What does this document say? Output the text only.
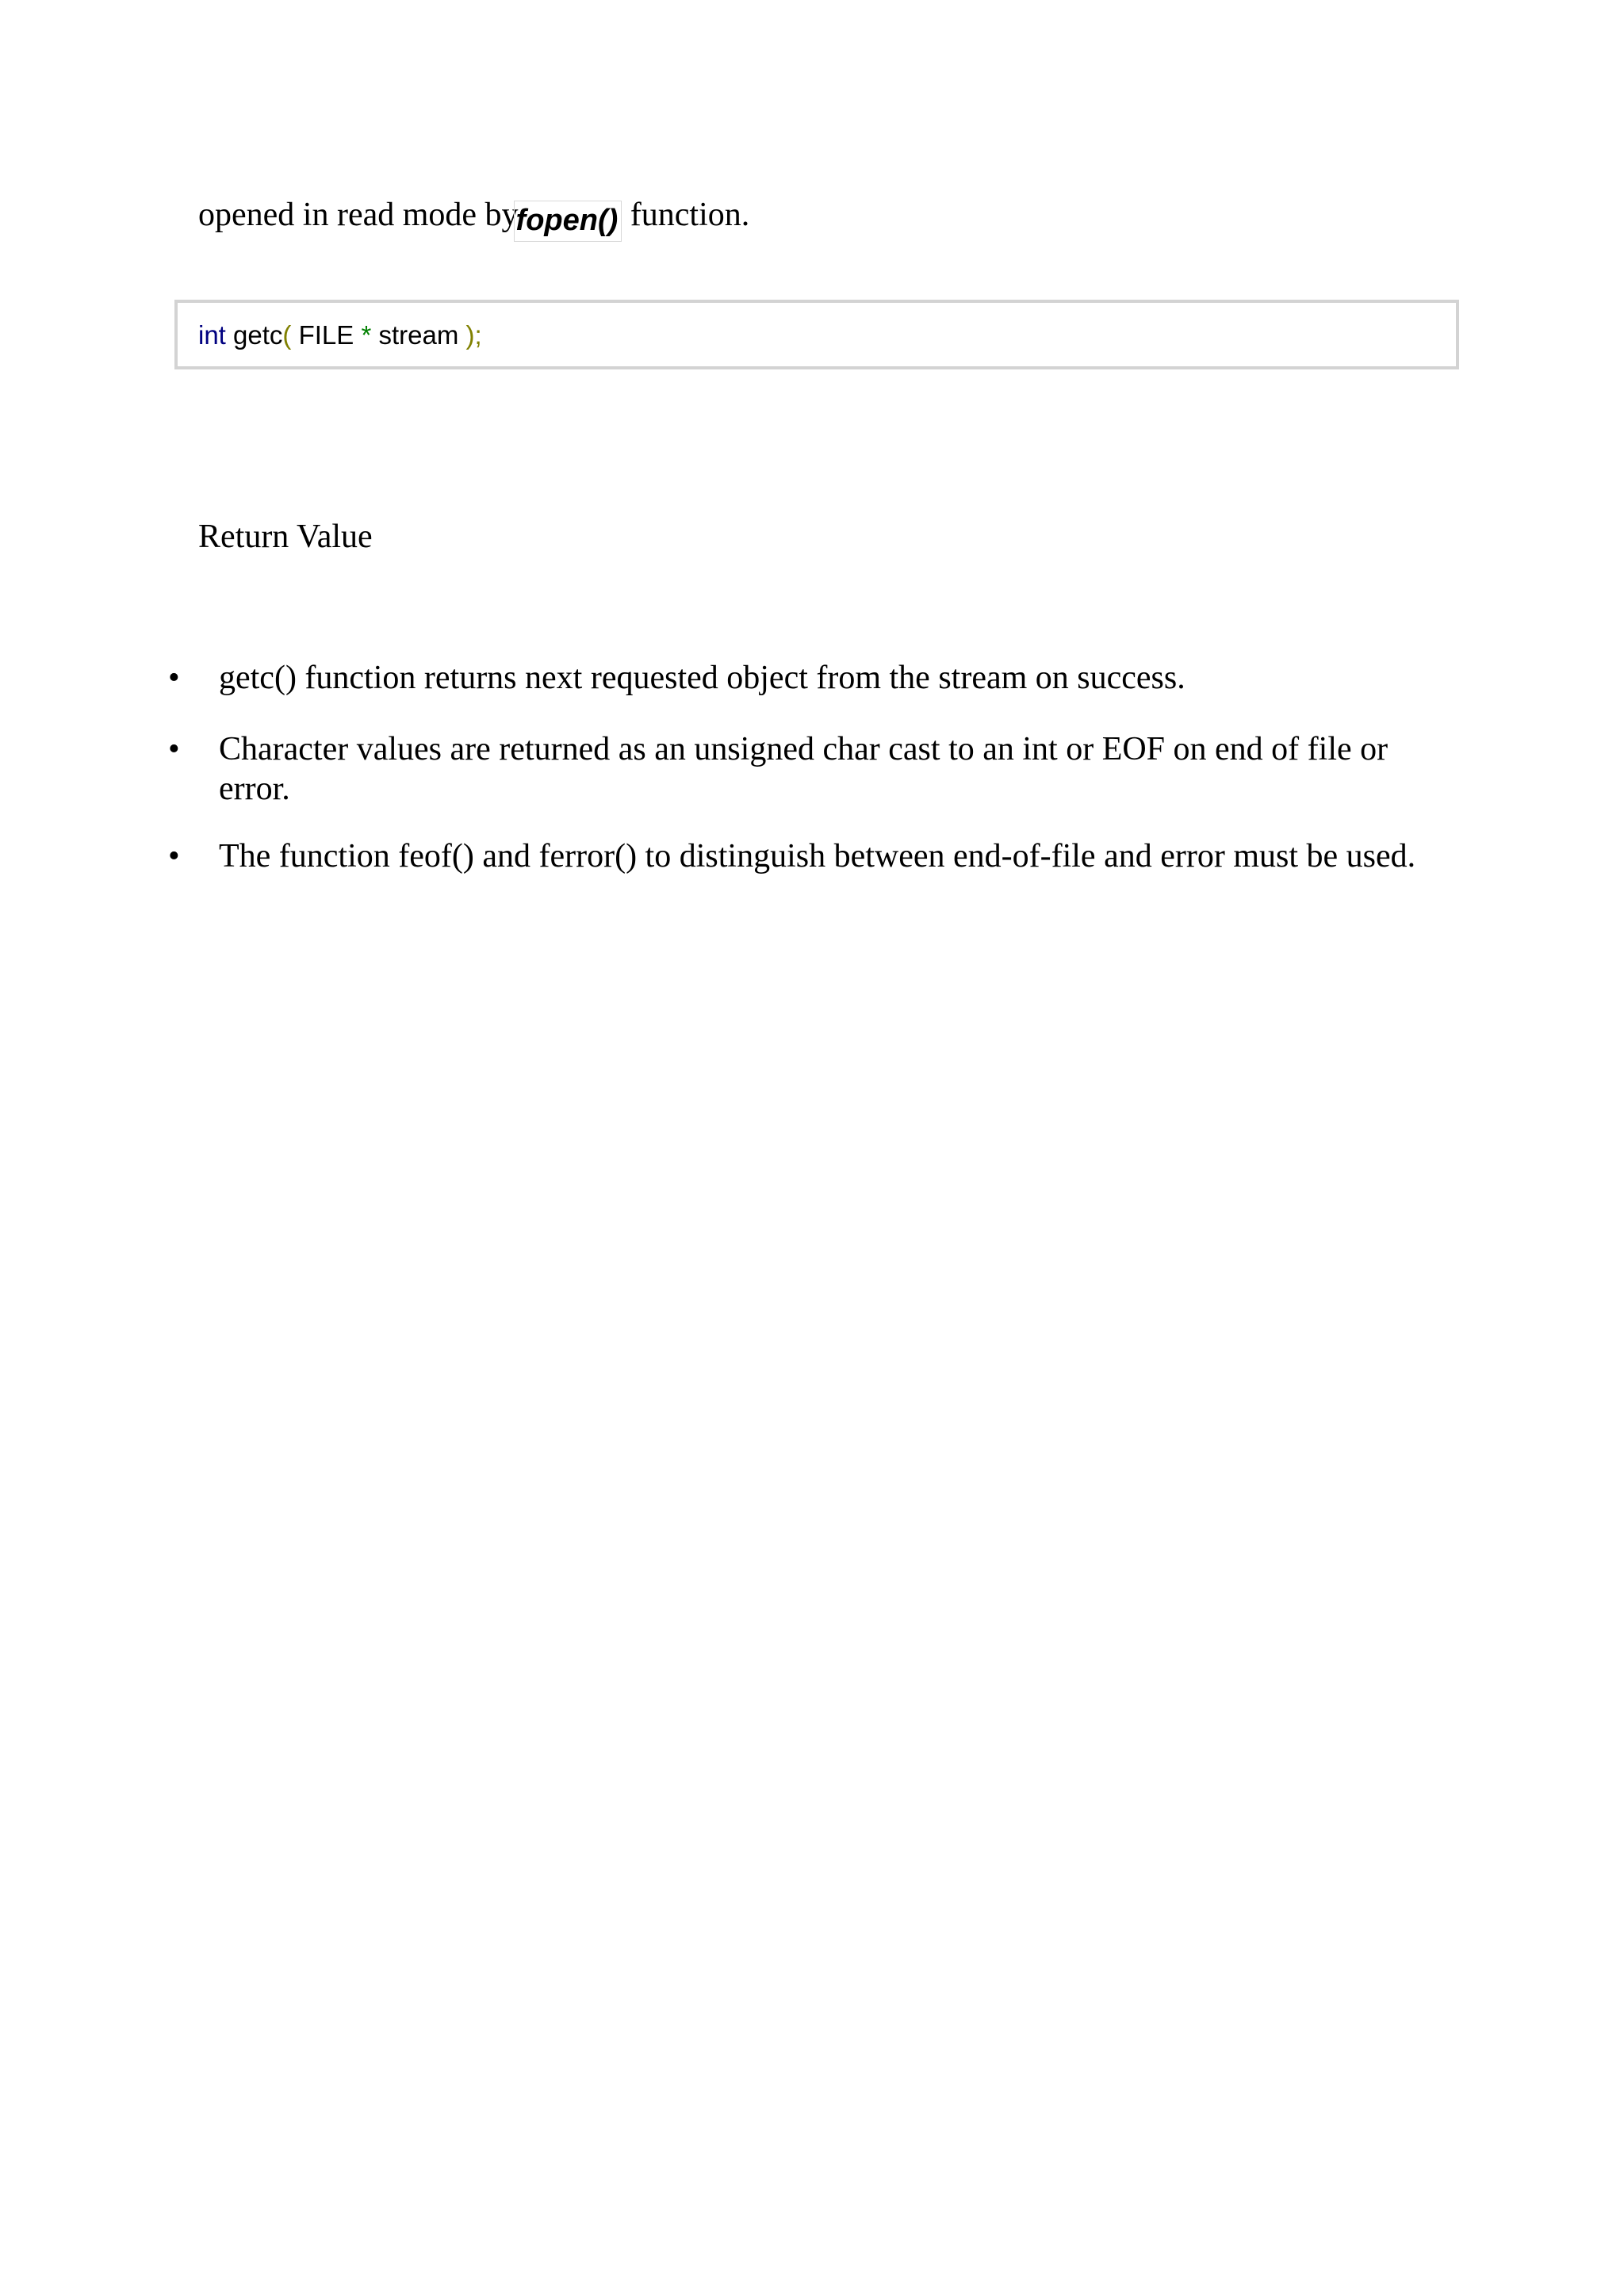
opened in read mode byfopen() function.
int getc( FILE * stream );
Return Value
• getc() function returns next requested object from the stream on success.
• Character values are returned as an unsigned char cast to an int or EOF on end of file or error.
• The function feof() and ferror() to distinguish between end-of-file and error must be used.
